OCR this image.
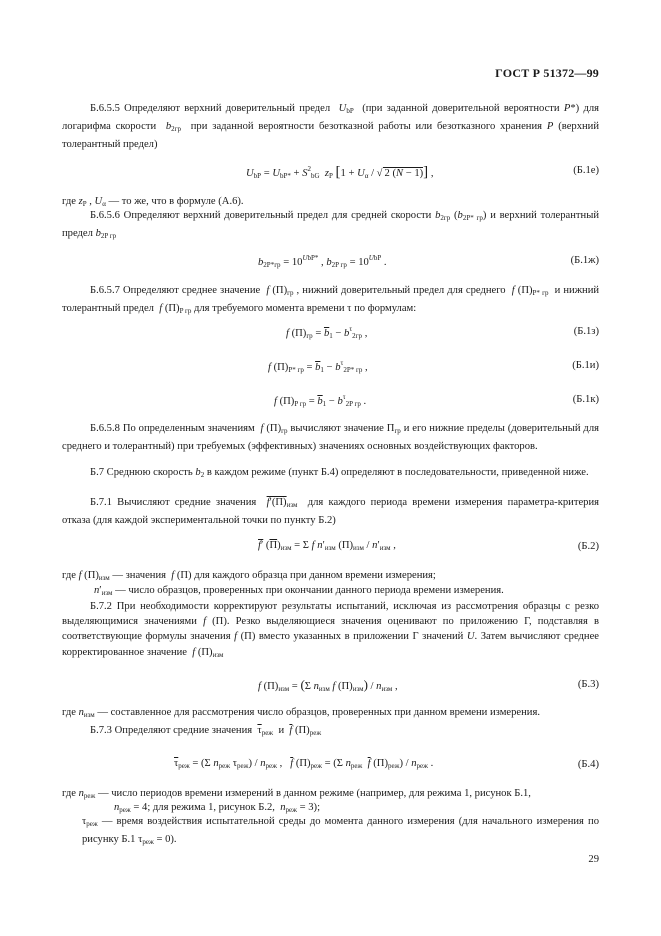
ГОСТ Р 51372—99
Б.6.5.5 Определяют верхний доверительный предел  $U_{bP}$  (при заданной доверительной вероятности P*) для логарифма скорости  $b_{2гр}$  при заданной вероятности безотказной работы или безотказного хранения P (верхний толерантный предел)
$U_{bP} = U_{bP*} + S^2_{bG}$ $z_P$ [$1 + U_\alpha$ / √ 2 (N − 1)] ,	(Б.1е)
где $z_P$ , $U_\alpha$ — то же, что в формуле (А.6).
Б.6.5.6 Определяют верхний доверительный предел для средней скорости $b_{2гр}$ $(b_{2P* гр})$ и верхний толерантный предел $b_{2P гр}$
$b_{2P*гр} = 10^{UbP*}$ , $b_{2P гр} = 10^{UbP}$ .	(Б.1ж)
Б.6.5.7 Определяют среднее значение  f $(П)_{гр}$ , нижний доверительный предел для среднего  f $(П)_{P* гр}$  и нижний толерантный предел  f $(П)_{P гр}$ для требуемого момента времени τ по формулам:
f $(П)_{гр} = \overline{b}_1 - b^\tau_{2гр}$ ,	(Б.1з)
f $(П)_{P* гр} = \overline{b}_1 - b^\tau_{2P* гр}$ ,	(Б.1и)
f $(П)_{P гр} = \overline{b}_1 - b^\tau_{2P гр}$ .	(Б.1к)
Б.6.5.8 По определенным значениям  f $(П)_{гр}$ вычисляют значение $П_{гр}$ и его нижние пределы (доверительный для среднего и толерантный) при требуемых (эффективных) значениях основных воздействующих факторов.
Б.7 Среднюю скорость $b_2$ в каждом режиме (пункт Б.4) определяют в последовательности, приведенной ниже.
Б.7.1 Вычисляют средние значения  $f'(П)_{изм}$  для каждого периода времени измерения параметра-критерия отказа (для каждой экспериментальной точки по пункту Б.2)
f′ $(П)_{изм} = \Sigma$ f $n'_{изм}$ $(П)_{изм} / n'_{изм}$ ,	(Б.2)
где f $(П)_{изм}$ — значения  f (П) для каждого образца при данном времени измерения;
$n'_{изм}$ — число образцов, проверенных при окончании данного периода времени измерения.
Б.7.2 При необходимости корректируют результаты испытаний, исключая из рассмотрения образцы с резко выделяющимися значениями f (П). Резко выделяющиеся значения оценивают по приложению Г, подставляя в соответствующие формулы значения f (П) вместо указанных в приложении Г значений U. Затем вычисляют среднее корректированное значение  f $(П)_{изм}$
f $(П)_{изм} = (\Sigma$ $n_{изм}$ f $(П)_{изм}) / n_{изм}$ ,	(Б.3)
где $n_{изм}$ — составленное для рассмотрения число образцов, проверенных при данном времени измерения.
Б.7.3 Определяют средние значения  $\overline{\tau}_{реж}$  и  $\overline{f}$ $(П)_{реж}$
$\overline{\tau}_{реж} = (\Sigma$ $n_{реж}$ $\tau_{реж}) / n_{реж}$ ,   $\overline{f}$ $(П)_{реж} = (\Sigma$ $n_{реж}$ $\overline{f}$ $(П)_{реж}) / n_{реж}$ .	(Б.4)
где $n_{реж}$ — число периодов времени измерений в данном режиме (например, для режима 1, рисунок Б.1,
$n_{реж} = 4$; для режима 1, рисунок Б.2,  $n_{реж} = 3$);
$\tau_{реж}$ — время воздействия испытательной среды до момента данного измерения (для начального измерения по рисунку Б.1 $\tau_{реж} = 0$).
29
